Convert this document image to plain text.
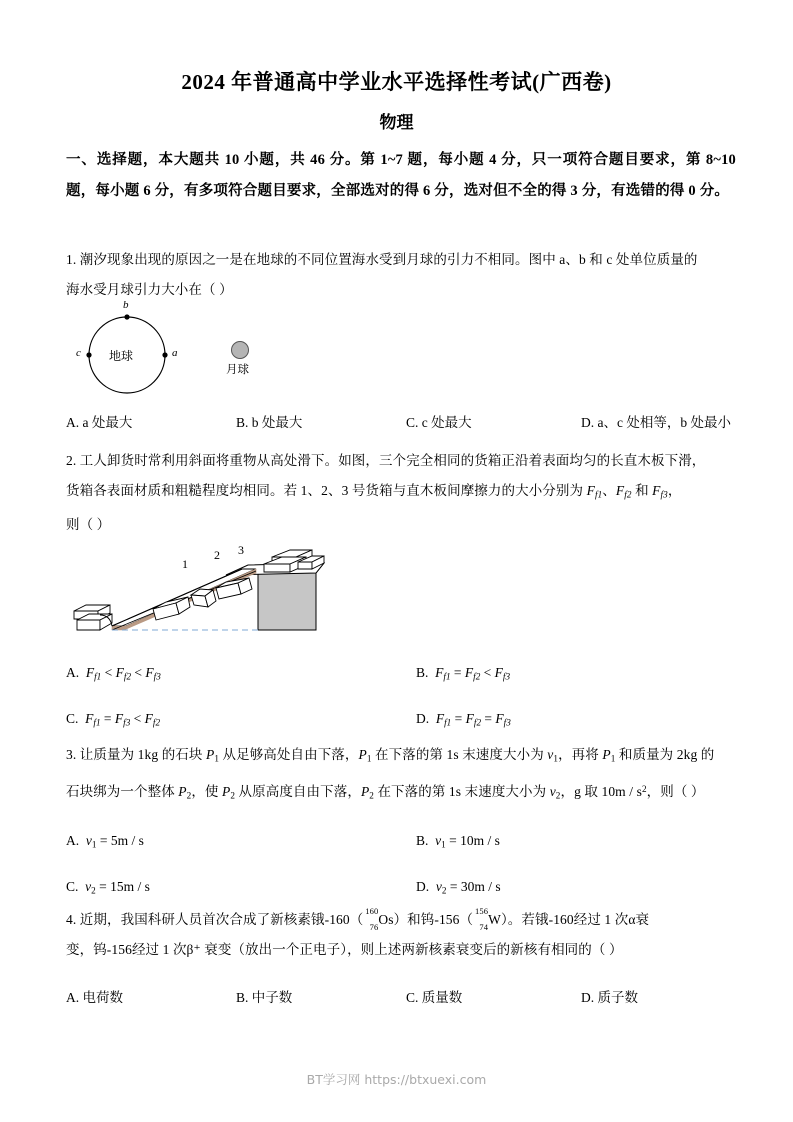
2024 年普通高中学业水平选择性考试(广西卷)
物理
一、选择题，本大题共 10 小题，共 46 分。第 1~7 题，每小题 4 分，只一项符合题目要求，第 8~10 题，每小题 6 分，有多项符合题目要求，全部选对的得 6 分，选对但不全的得 3 分，有选错的得 0 分。
1. 潮汐现象出现的原因之一是在地球的不同位置海水受到月球的引力不相同。图中 a、b 和 c 处单位质量的
海水受月球引力大小在（ ）
地球	a
b
c
月球
A. a 处最大	B. b 处最大	C. c 处最大	D. a、c 处相等，b 处最小
2. 工人卸货时常利用斜面将重物从高处滑下。如图，三个完全相同的货箱正沿着表面均匀的长直木板下滑，
货箱各表面材质和粗糙程度均相同。若 1、2、3 号货箱与直木板间摩擦力的大小分别为 $F_{f1}$、$F_{f2}$ 和 $F_{f3}$，
则（ ）
1
2 3
A. $F_{f1} < F_{f2} < F_{f3}$	B. $F_{f1} = F_{f2} < F_{f3}$
C. $F_{f1} = F_{f3} < F_{f2}$	D. $F_{f1} = F_{f2} = F_{f3}$
3. 让质量为 1kg 的石块 $P_1$ 从足够高处自由下落，$P_1$ 在下落的第 1s 末速度大小为 $v_1$，再将 $P_1$ 和质量为 2kg 的
石块绑为一个整体 $P_2$，使 $P_2$ 从原高度自由下落，$P_2$ 在下落的第 1s 末速度大小为 $v_2$，g 取 $10m / s^2$，则（ ）
A. $v_1 = 5m / s$	B. $v_1 = 10m / s$
C. $v_2 = 15m / s$	D. $v_2 = 30m / s$
4. 近期，我国科研人员首次合成了新核素锇-160（
160
76
Os）和钨-156（
156
74
W）。若锇-160经过 1 次α衰
变，钨-156经过 1 次β⁺ 衰变（放出一个正电子），则上述两新核素衰变后的新核有相同的（ ）
A. 电荷数	B. 中子数	C. 质量数	D. 质子数
BT学习网 https://btxuexi.com
